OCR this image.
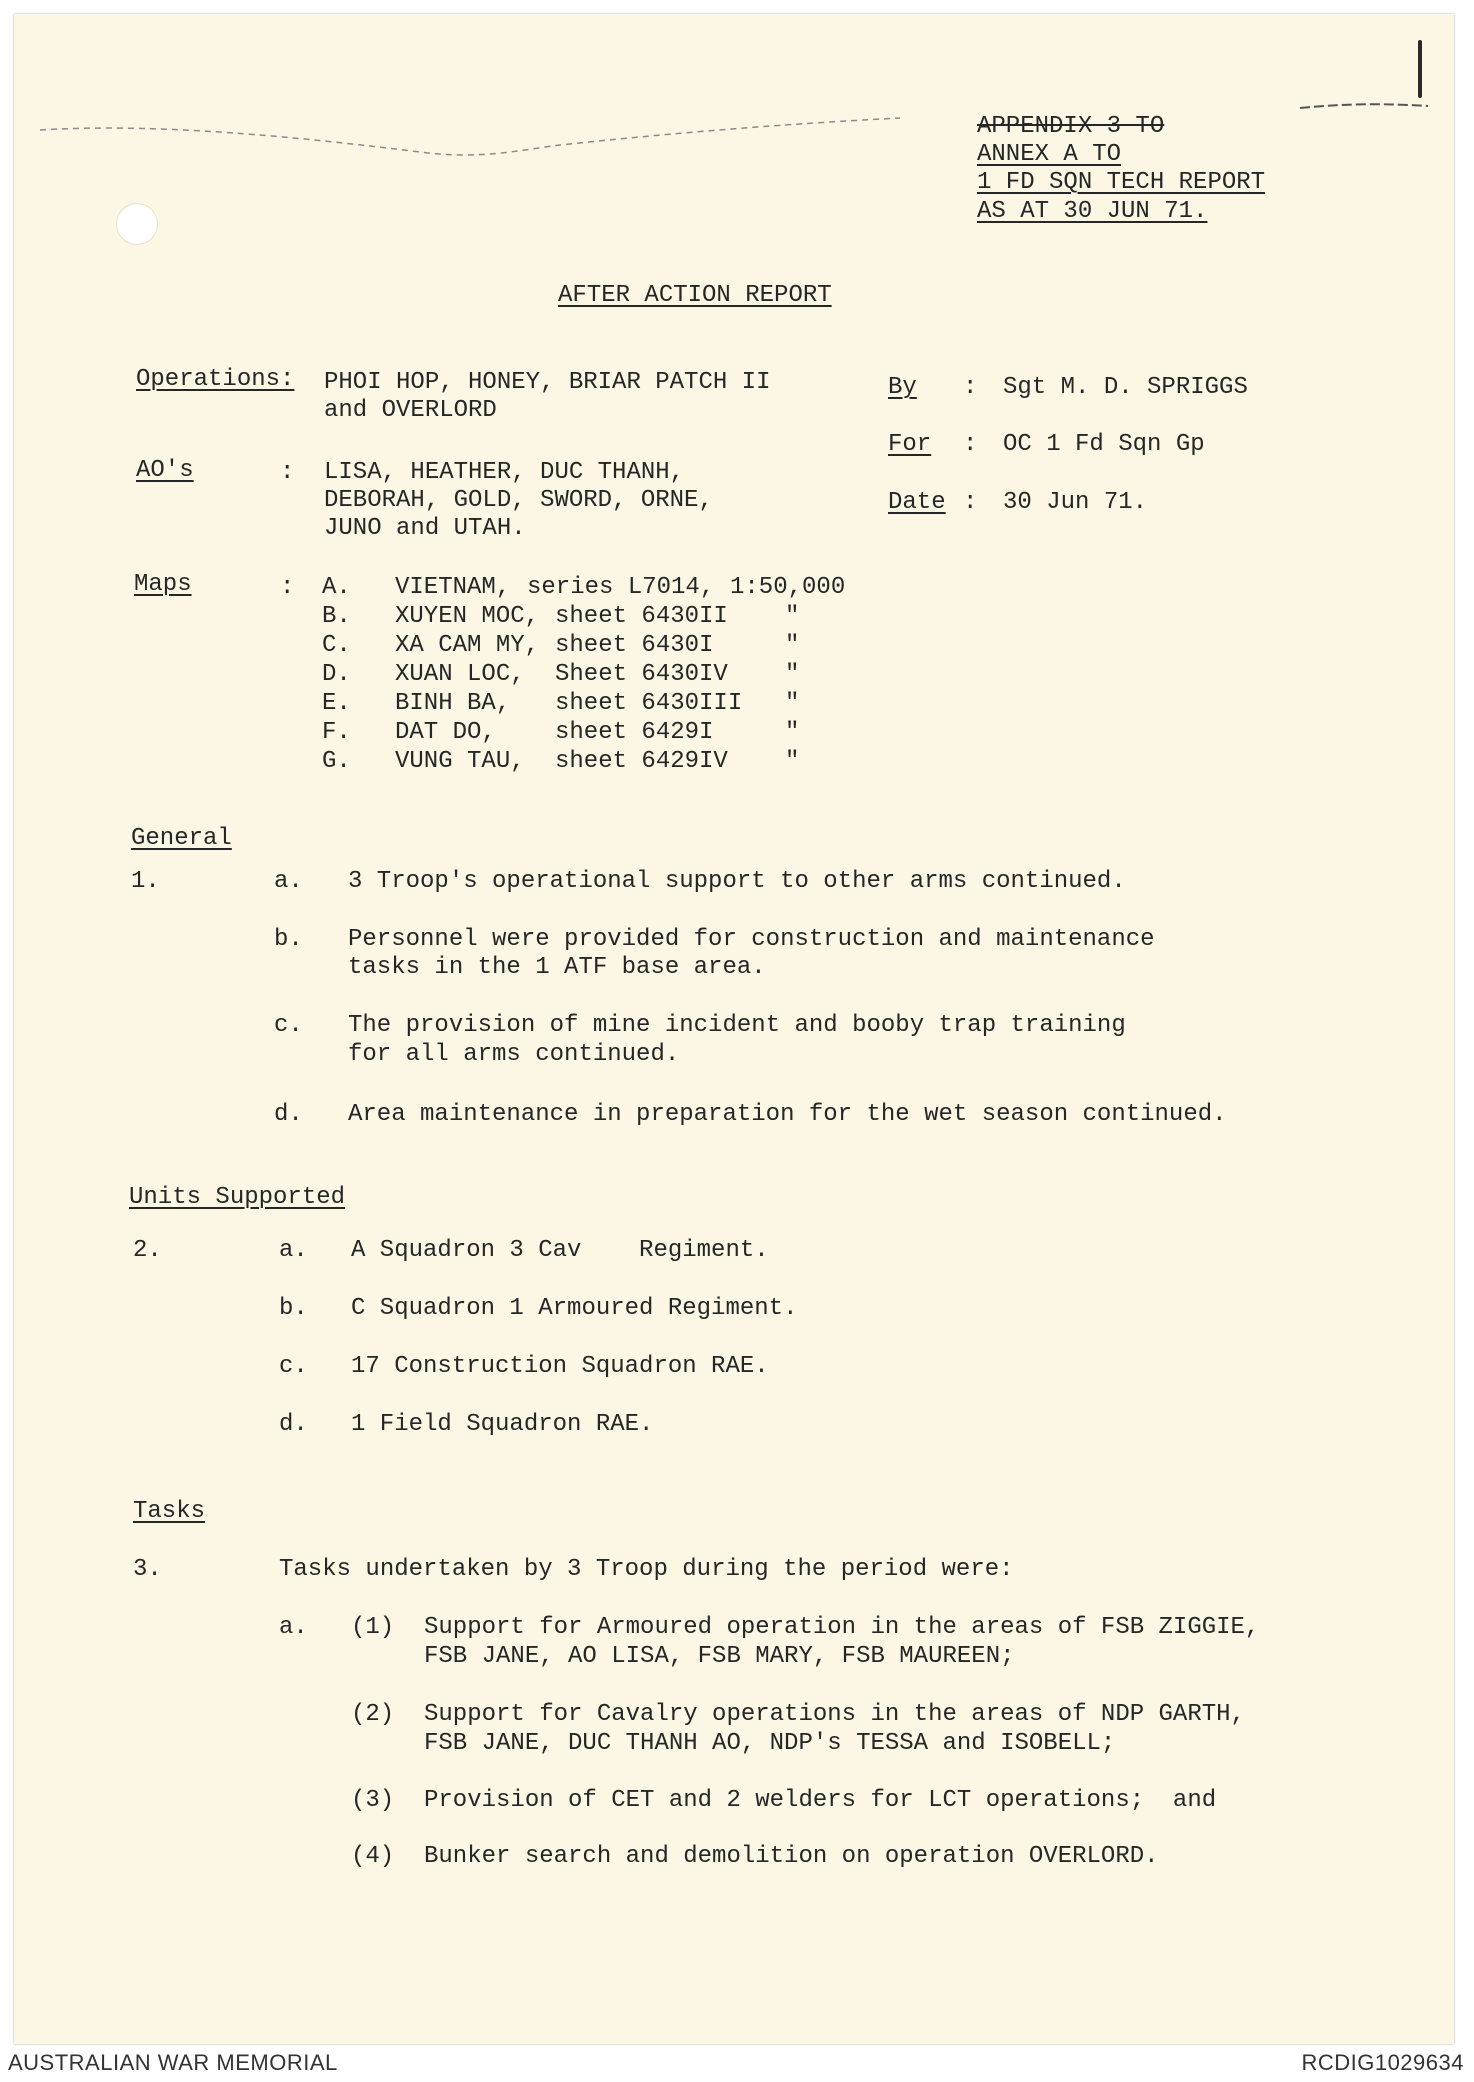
APPENDIX 3 TO
ANNEX A TO
1 FD SQN TECH REPORT
AS AT 30 JUN 71.
AFTER ACTION REPORT
Operations: PHOI HOP, HONEY, BRIAR PATCH II
and OVERLORD
AO's	: LISA, HEATHER, DUC THANH,
DEBORAH, GOLD, SWORD, ORNE,
JUNO and UTAH.
Maps	: A. VIETNAM, series L7014, 1:50,000
B. XUYEN MOC, sheet 6430II "
C. XA CAM MY, sheet 6430I	"
D. XUAN LOC, Sheet 6430IV "
E. BINH BA, sheet 6430III "
F. DAT DO, sheet 6429I	"
G. VUNG TAU, sheet 6429IV "
By : Sgt M. D. SPRIGGS
For : OC 1 Fd Sqn Gp
Date : 30 Jun 71.
General
1.	a. 3 Troop's operational support to other arms continued.
b. Personnel were provided for construction and maintenance
tasks in the 1 ATF base area.
c. The provision of mine incident and booby trap training
for all arms continued.
d. Area maintenance in preparation for the wet season continued.
Units Supported
2.	a. A Squadron 3 Cav    Regiment.
b. C Squadron 1 Armoured Regiment.
c. 17 Construction Squadron RAE.
d. 1 Field Squadron RAE.
Tasks
3.	Tasks undertaken by 3 Troop during the period were:
a. (1) Support for Armoured operation in the areas of FSB ZIGGIE,
FSB JANE, AO LISA, FSB MARY, FSB MAUREEN;
(2) Support for Cavalry operations in the areas of NDP GARTH,
FSB JANE, DUC THANH AO, NDP's TESSA and ISOBELL;
(3) Provision of CET and 2 welders for LCT operations;  and
(4) Bunker search and demolition on operation OVERLORD.
AUSTRALIAN WAR MEMORIAL	RCDIG1029634
